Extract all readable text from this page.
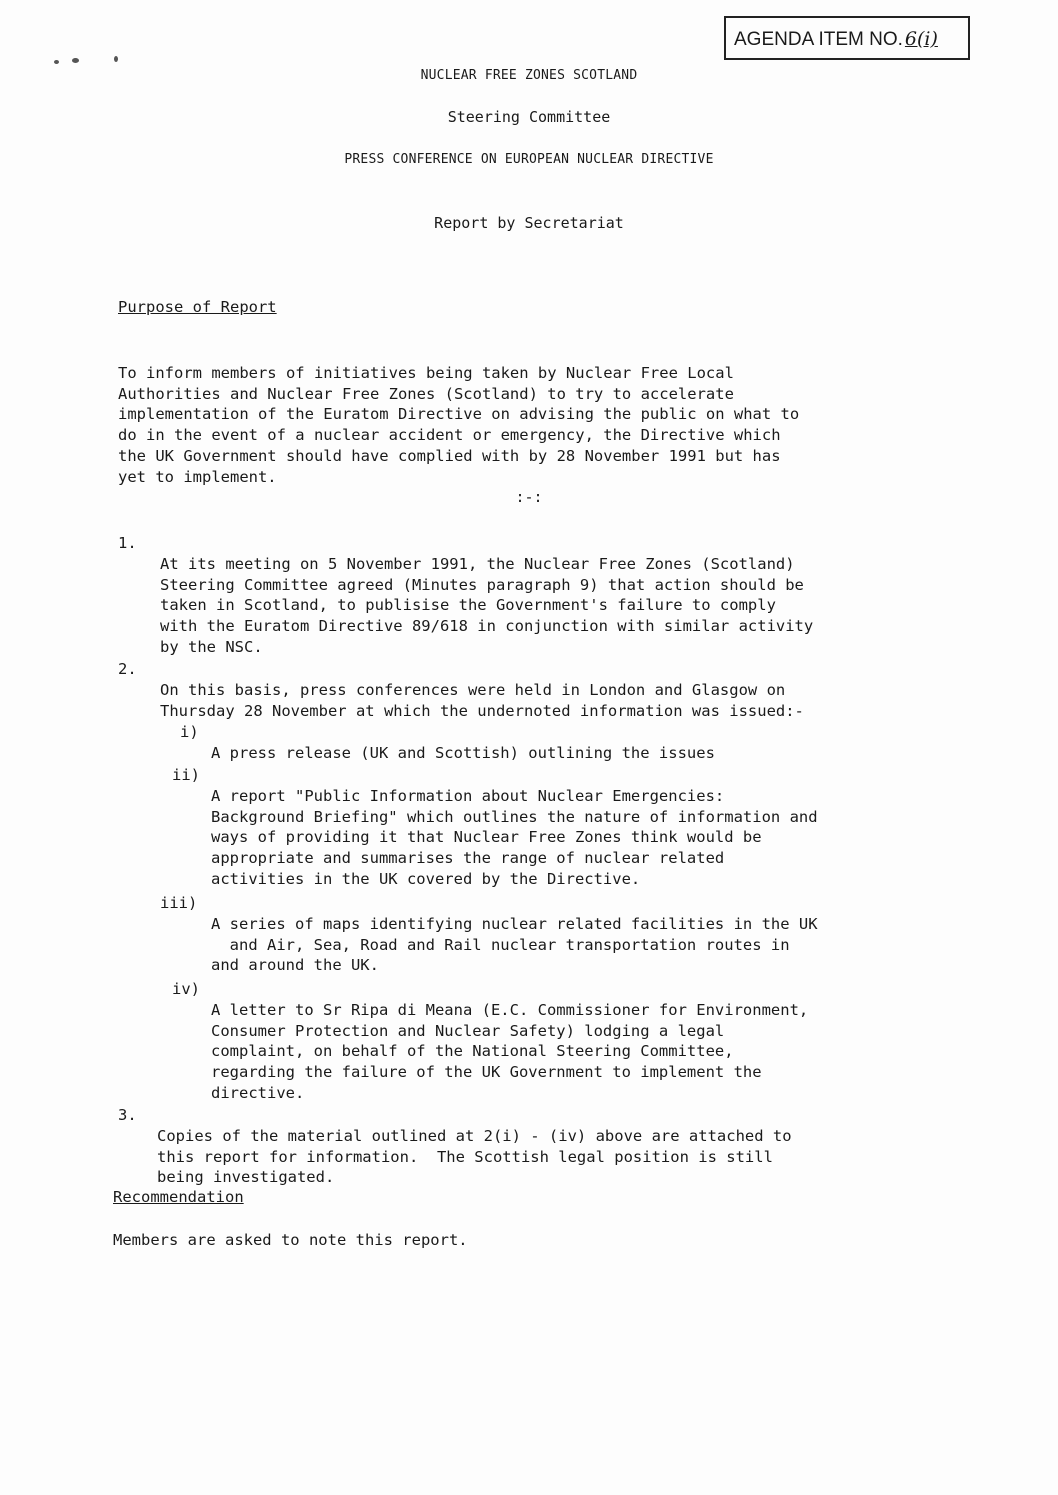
AGENDA ITEM NO. 6(i)
NUCLEAR FREE ZONES SCOTLAND
Steering Committee
PRESS CONFERENCE ON EUROPEAN NUCLEAR DIRECTIVE
Report by Secretariat
Purpose of Report

To inform members of initiatives being taken by Nuclear Free Local
Authorities and Nuclear Free Zones (Scotland) to try to accelerate
implementation of the Euratom Directive on advising the public on what to
do in the event of a nuclear accident or emergency, the Directive which
the UK Government should have complied with by 28 November 1991 but has
yet to implement.
:-:
1.

At its meeting on 5 November 1991, the Nuclear Free Zones (Scotland)
Steering Committee agreed (Minutes paragraph 9) that action should be
taken in Scotland, to publisise the Government's failure to comply
with the Euratom Directive 89/618 in conjunction with similar activity
by the NSC.
2.

On this basis, press conferences were held in London and Glasgow on
Thursday 28 November at which the undernoted information was issued:-
i)

A press release (UK and Scottish) outlining the issues
ii)

A report "Public Information about Nuclear Emergencies:
Background Briefing" which outlines the nature of information and
ways of providing it that Nuclear Free Zones think would be
appropriate and summarises the range of nuclear related
activities in the UK covered by the Directive.
iii)

A series of maps identifying nuclear related facilities in the UK
and Air, Sea, Road and Rail nuclear transportation routes in
and around the UK.
iv)

A letter to Sr Ripa di Meana (E.C. Commissioner for Environment,
Consumer Protection and Nuclear Safety) lodging a legal
complaint, on behalf of the National Steering Committee,
regarding the failure of the UK Government to implement the
directive.
3.

Copies of the material outlined at 2(i) - (iv) above are attached to
this report for information.  The Scottish legal position is still
being investigated.
Recommendation
Members are asked to note this report.
